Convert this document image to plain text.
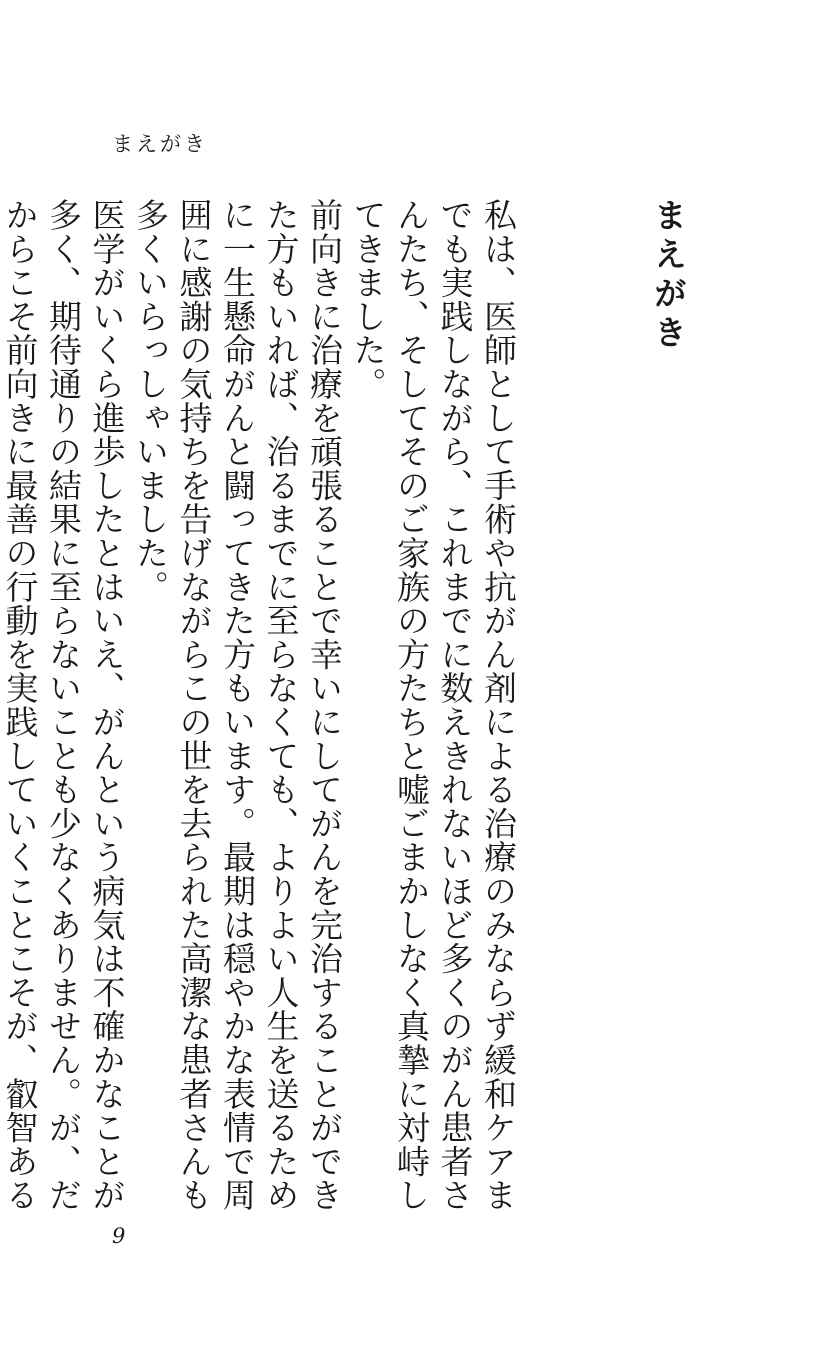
まえがき
まえがき

私は、医師として手術や抗がん剤による治療のみならず緩和ケアまでも実践しながら、これまでに数えきれないほど多くのがん患者さんたち、そしてそのご家族の方たちと嘘ごまかしなく真摯に対峙してきました。

前向きに治療を頑張ることで幸いにしてがんを完治することができた方もいれば、治るまでに至らなくても、よりよい人生を送るために一生懸命がんと闘ってきた方もいます。最期は穏やかな表情で周囲に感謝の気持ちを告げながらこの世を去られた高潔な患者さんも多くいらっしゃいました。

医学がいくら進歩したとはいえ、がんという病気は不確かなことが多く、期待通りの結果に至らないことも少なくありません。が、だからこそ前向きに最善の行動を実践していくことこそが、叡智ある

9
